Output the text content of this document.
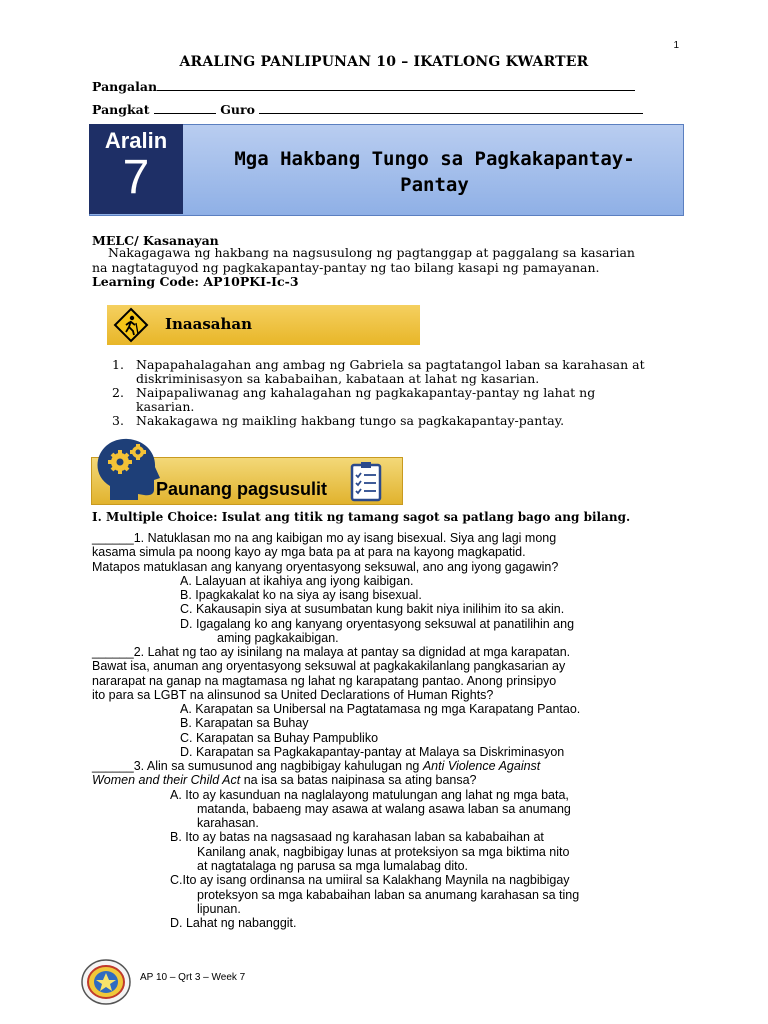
1
ARALING PANLIPUNAN 10 – IKATLONG KWARTER
Pangalan
Pangkat	Guro
Aralin
7	Mga Hakbang Tungo sa Pagkakapantay-
Pantay
MELC/ Kasanayan
Nakagagawa ng hakbang na nagsusulong ng pagtanggap at paggalang sa kasarian
na nagtataguyod ng pagkakapantay-pantay ng tao bilang kasapi ng pamayanan.
Learning Code: AP10PKI-Ic-3
Inaasahan
1. Napapahalagahan ang ambag ng Gabriela sa pagtatangol laban sa karahasan at
diskriminisasyon sa kababaihan, kabataan at lahat ng kasarian.
2. Naipapaliwanag ang kahalagahan ng pagkakapantay-pantay ng lahat ng
kasarian.
3. Nakakagawa ng maikling hakbang tungo sa pagkakapantay-pantay.
Paunang pagsusulit
I. Multiple Choice: Isulat ang titik ng tamang sagot sa patlang bago ang bilang.
______1. Natuklasan mo na ang kaibigan mo ay isang bisexual. Siya ang lagi mong
kasama simula pa noong kayo ay mga bata pa at para na kayong magkapatid.
Matapos matuklasan ang kanyang oryentasyong seksuwal, ano ang iyong gagawin?
A. Lalayuan at ikahiya ang iyong kaibigan.
B. Ipagkakalat ko na siya ay isang bisexual.
C. Kakausapin siya at susumbatan kung bakit niya inilihim ito sa akin.
D. Igagalang ko ang kanyang oryentasyong seksuwal at panatilihin ang
aming pagkakaibigan.
______2. Lahat ng tao ay isinilang na malaya at pantay sa dignidad at mga karapatan.
Bawat isa, anuman ang oryentasyong seksuwal at pagkakakilanlang pangkasarian ay
nararapat na ganap na magtamasa ng lahat ng karapatang pantao. Anong prinsipyo
ito para sa LGBT na alinsunod sa United Declarations of Human Rights?
A. Karapatan sa Unibersal na Pagtatamasa ng mga Karapatang Pantao.
B. Karapatan sa Buhay
C. Karapatan sa Buhay Pampubliko
D. Karapatan sa Pagkakapantay-pantay at Malaya sa Diskriminasyon
______3. Alin sa sumusunod ang nagbibigay kahulugan ng Anti Violence Against
Women and their Child Act na isa sa batas naipinasa sa ating bansa?
A. Ito ay kasunduan na naglalayong matulungan ang lahat ng mga bata,
matanda, babaeng may asawa at walang asawa laban sa anumang
karahasan.
B. Ito ay batas na nagsasaad ng karahasan laban sa kababaihan at
Kanilang anak, nagbibigay lunas at proteksiyon sa mga biktima nito
at nagtatalaga ng parusa sa mga lumalabag dito.
C.Ito ay isang ordinansa na umiiral sa Kalakhang Maynila na nagbibigay
proteksyon sa mga kababaihan laban sa anumang karahasan sa ting
lipunan.
D. Lahat ng nabanggit.
AP 10 – Qrt 3 – Week 7
